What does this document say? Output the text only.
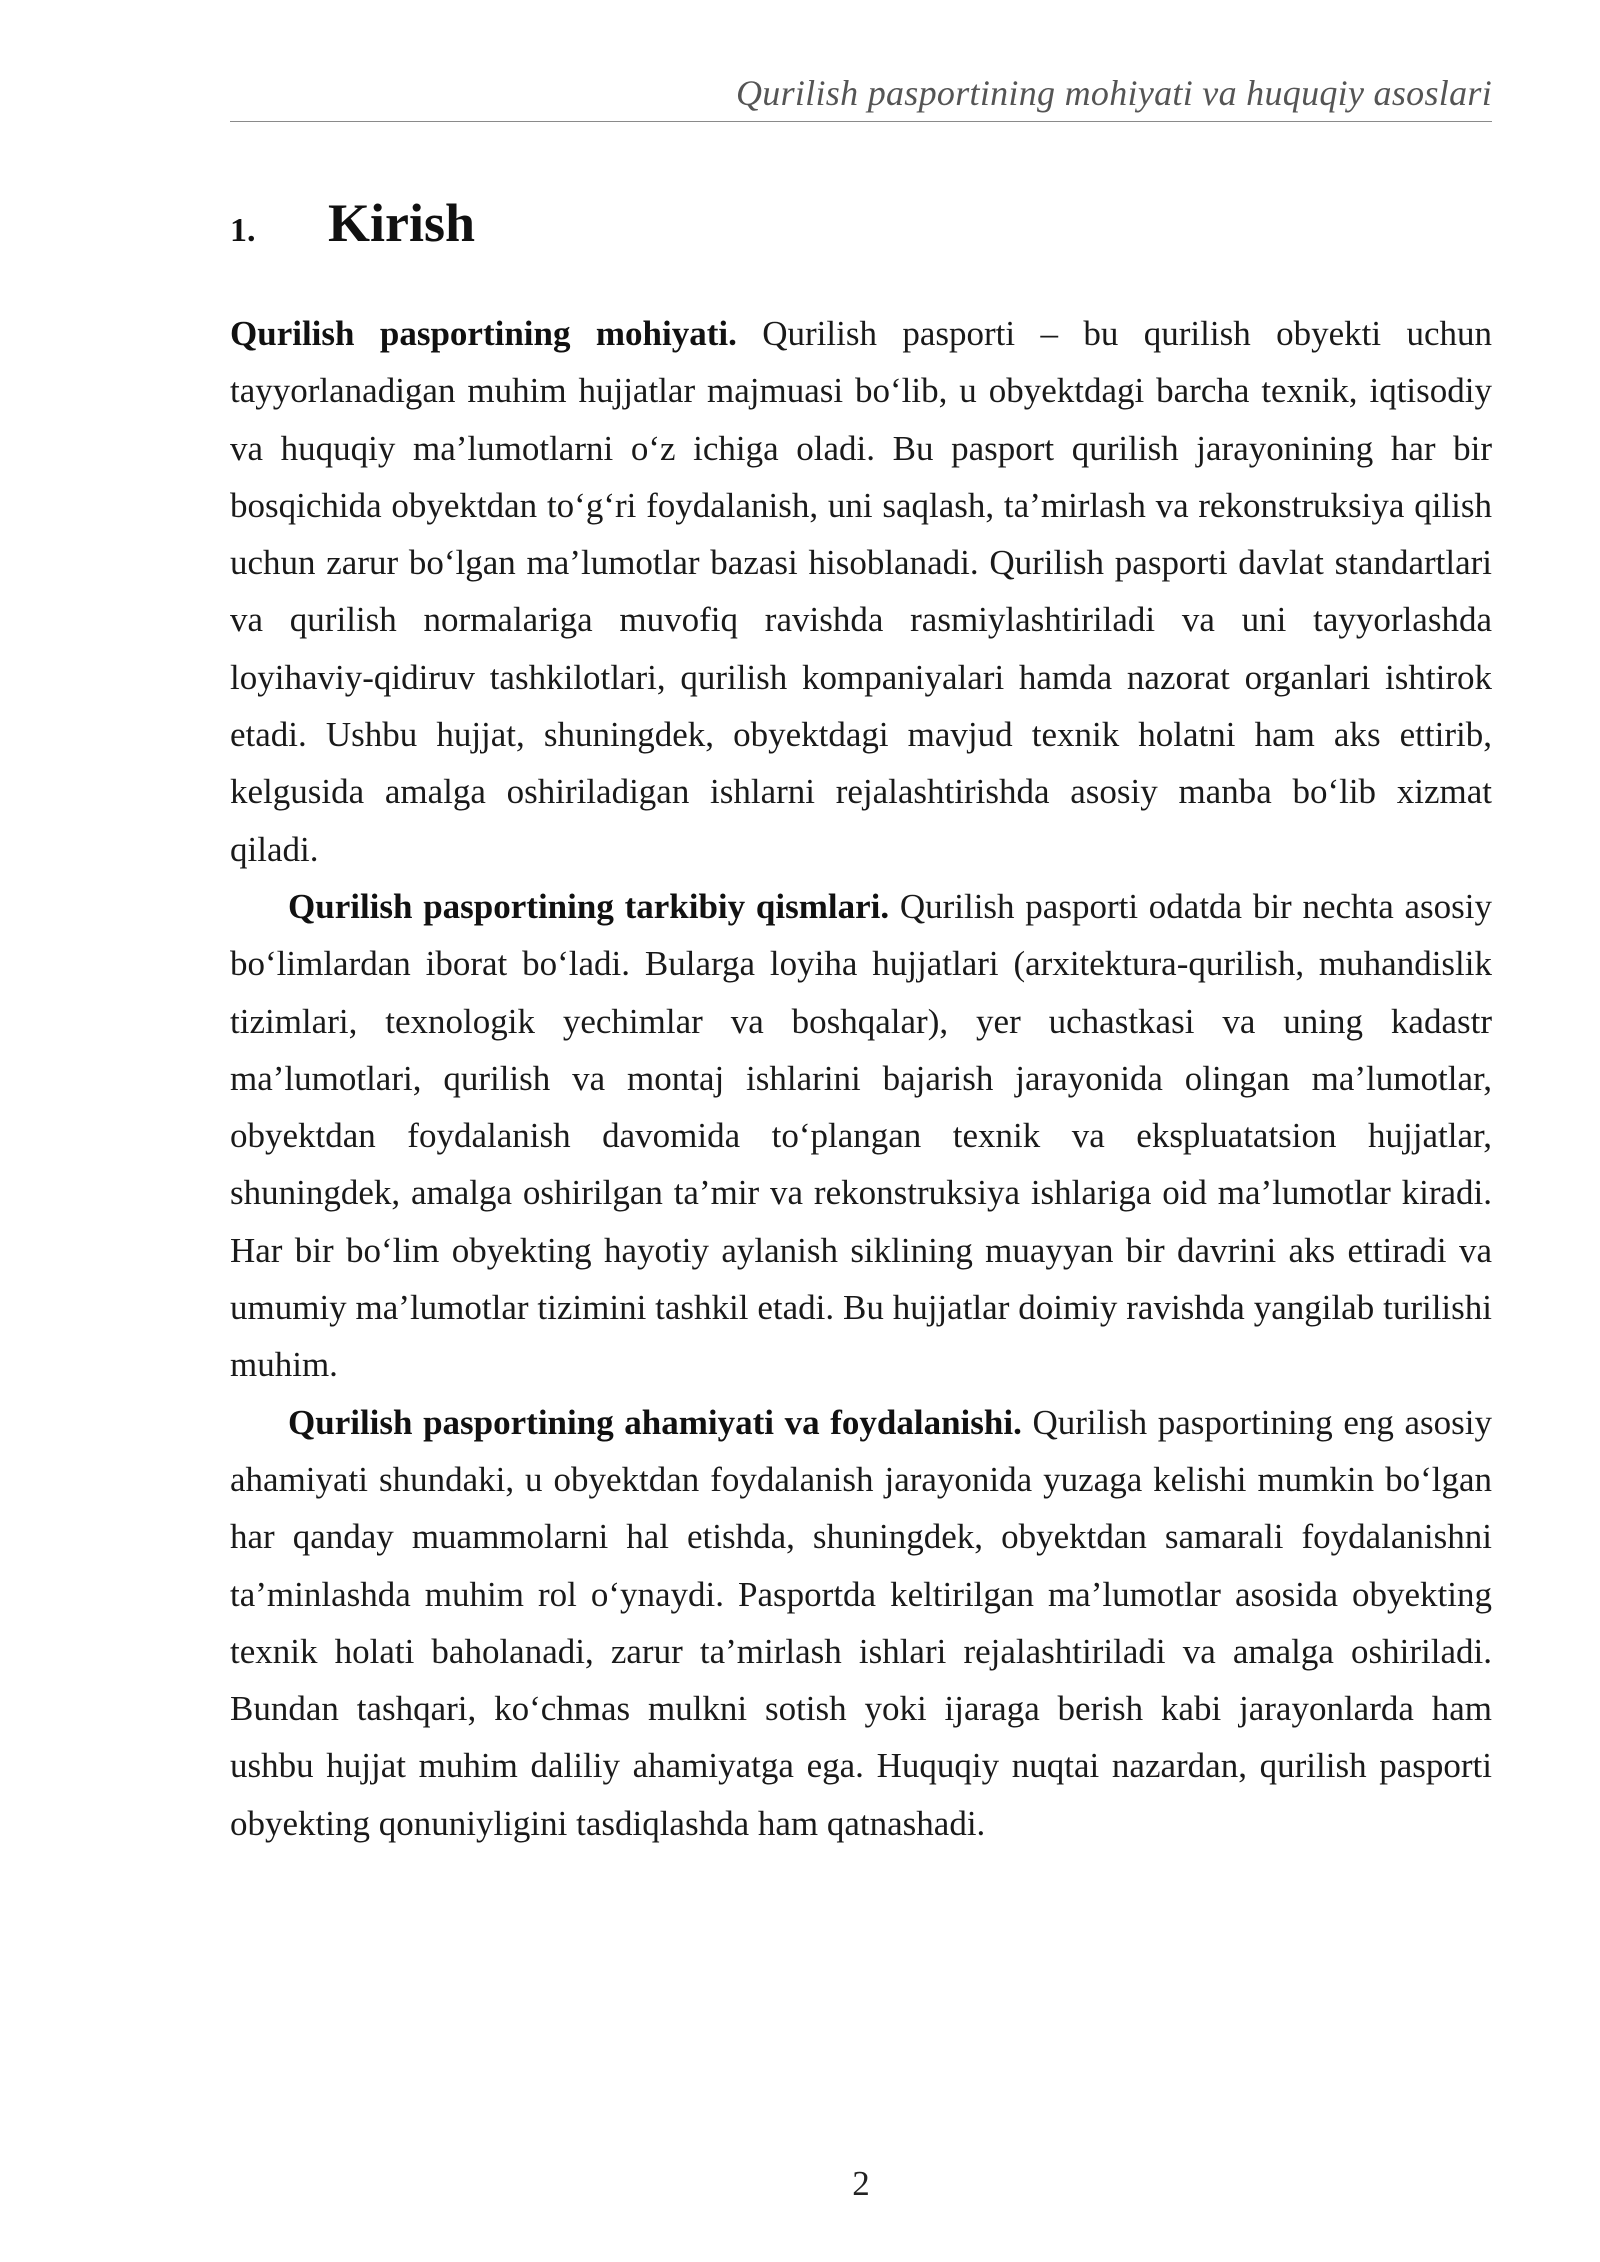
Qurilish pasportining mohiyati va huquqiy asoslari
1.	Kirish

Qurilish pasportining mohiyati. Qurilish pasporti – bu qurilish obyekti uchun tayyorlanadigan muhim hujjatlar majmuasi bo‘lib, u obyektdagi barcha texnik, iqtisodiy va huquqiy ma’lumotlarni o‘z ichiga oladi. Bu pasport qurilish jarayonining har bir bosqichida obyektdan to‘g‘ri foydalanish, uni saqlash, ta’mirlash va rekonstruksiya qilish uchun zarur bo‘lgan ma’lumotlar bazasi hisoblanadi. Qurilish pasporti davlat standartlari va qurilish normalariga muvofiq ravishda rasmiylashtiriladi va uni tayyorlashda loyihaviy-qidiruv tashkilotlari, qurilish kompaniyalari hamda nazorat organlari ishtirok etadi. Ushbu hujjat, shuningdek, obyektdagi mavjud texnik holatni ham aks ettirib, kelgusida amalga oshiriladigan ishlarni rejalashtirishda asosiy manba bo‘lib xizmat qiladi.

Qurilish pasportining tarkibiy qismlari. Qurilish pasporti odatda bir nechta asosiy bo‘limlardan iborat bo‘ladi. Bularga loyiha hujjatlari (arxitektura-qurilish, muhandislik tizimlari, texnologik yechimlar va boshqalar), yer uchastkasi va uning kadastr ma’lumotlari, qurilish va montaj ishlarini bajarish jarayonida olingan ma’lumotlar, obyektdan foydalanish davomida to‘plangan texnik va ekspluatatsion hujjatlar, shuningdek, amalga oshirilgan ta’mir va rekonstruksiya ishlariga oid ma’lumotlar kiradi. Har bir bo‘lim obyekting hayotiy aylanish siklining muayyan bir davrini aks ettiradi va umumiy ma’lumotlar tizimini tashkil etadi. Bu hujjatlar doimiy ravishda yangilab turilishi muhim.

Qurilish pasportining ahamiyati va foydalanishi. Qurilish pasportining eng asosiy ahamiyati shundaki, u obyektdan foydalanish jarayonida yuzaga kelishi mumkin bo‘lgan har qanday muammolarni hal etishda, shuningdek, obyektdan samarali foydalanishni ta’minlashda muhim rol o‘ynaydi. Pasportda keltirilgan ma’lumotlar asosida obyekting texnik holati baholanadi, zarur ta’mirlash ishlari rejalashtiriladi va amalga oshiriladi. Bundan tashqari, ko‘chmas mulkni sotish yoki ijaraga berish kabi jarayonlarda ham ushbu hujjat muhim daliliy ahamiyatga ega. Huquqiy nuqtai nazardan, qurilish pasporti obyekting qonuniyligini tasdiqlashda ham qatnashadi.

2
